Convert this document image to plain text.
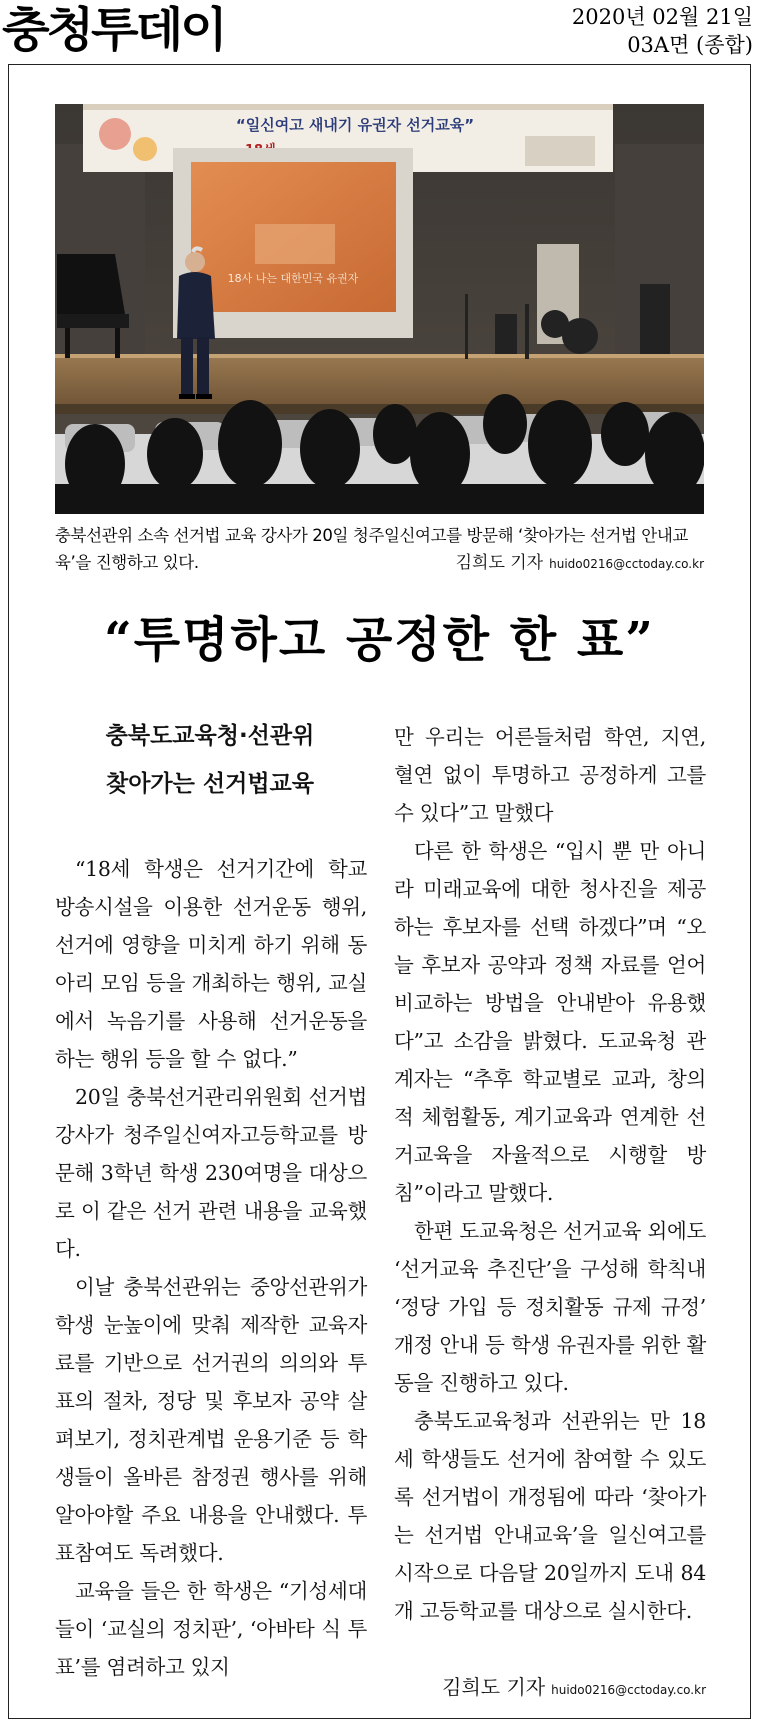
충청투데이	2020년 02월 21일
03A면 (종합)
“일신여고 새내기 유권자 선거교육”
18사 나는 대한민국 유권자
충북선관위 소속 선거법 교육 강사가 20일 청주일신여고를 방문해 ‘찾아가는 선거법 안내교육’을 진행하고 있다.	김희도 기자 huido0216@cctoday.co.kr
“투명하고 공정한 한 표”
충북도교육청·선관위
찾아가는 선거법교육

“18세 학생은 선거기간에 학교 방송시설을 이용한 선거운동 행위, 선거에 영향을 미치게 하기 위해 동아리 모임 등을 개최하는 행위, 교실에서 녹음기를 사용해 선거운동을 하는 행위 등을 할 수 없다.”

20일 충북선거관리위원회 선거법 강사가 청주일신여자고등학교를 방문해 3학년 학생 230여명을 대상으로 이 같은 선거 관련 내용을 교육했다.

이날 충북선관위는 중앙선관위가 학생 눈높이에 맞춰 제작한 교육자료를 기반으로 선거권의 의의와 투표의 절차, 정당 및 후보자 공약 살펴보기, 정치관계법 운용기준 등 학생들이 올바른 참정권 행사를 위해 알아야할 주요 내용을 안내했다. 투표참여도 독려했다.

교육을 들은 한 학생은 “기성세대들이 ‘교실의 정치판’, ‘아바타 식 투표’를 염려하고 있지

만 우리는 어른들처럼 학연, 지연, 혈연 없이 투명하고 공정하게 고를 수 있다”고 말했다

다른 한 학생은 “입시 뿐 만 아니라 미래교육에 대한 청사진을 제공하는 후보자를 선택 하겠다”며 “오늘 후보자 공약과 정책 자료를 얻어 비교하는 방법을 안내받아 유용했다”고 소감을 밝혔다. 도교육청 관계자는 “추후 학교별로 교과, 창의적 체험활동, 계기교육과 연계한 선거교육을 자율적으로 시행할 방침”이라고 말했다.

한편 도교육청은 선거교육 외에도 ‘선거교육 추진단’을 구성해 학칙내 ‘정당 가입 등 정치활동 규제 규정’ 개정 안내 등 학생 유권자를 위한 활동을 진행하고 있다.

충북도교육청과 선관위는 만 18세 학생들도 선거에 참여할 수 있도록 선거법이 개정됨에 따라 ‘찾아가는 선거법 안내교육’을 일신여고를 시작으로 다음달 20일까지 도내 84개 고등학교를 대상으로 실시한다.

김희도 기자 huido0216@cctoday.co.kr
